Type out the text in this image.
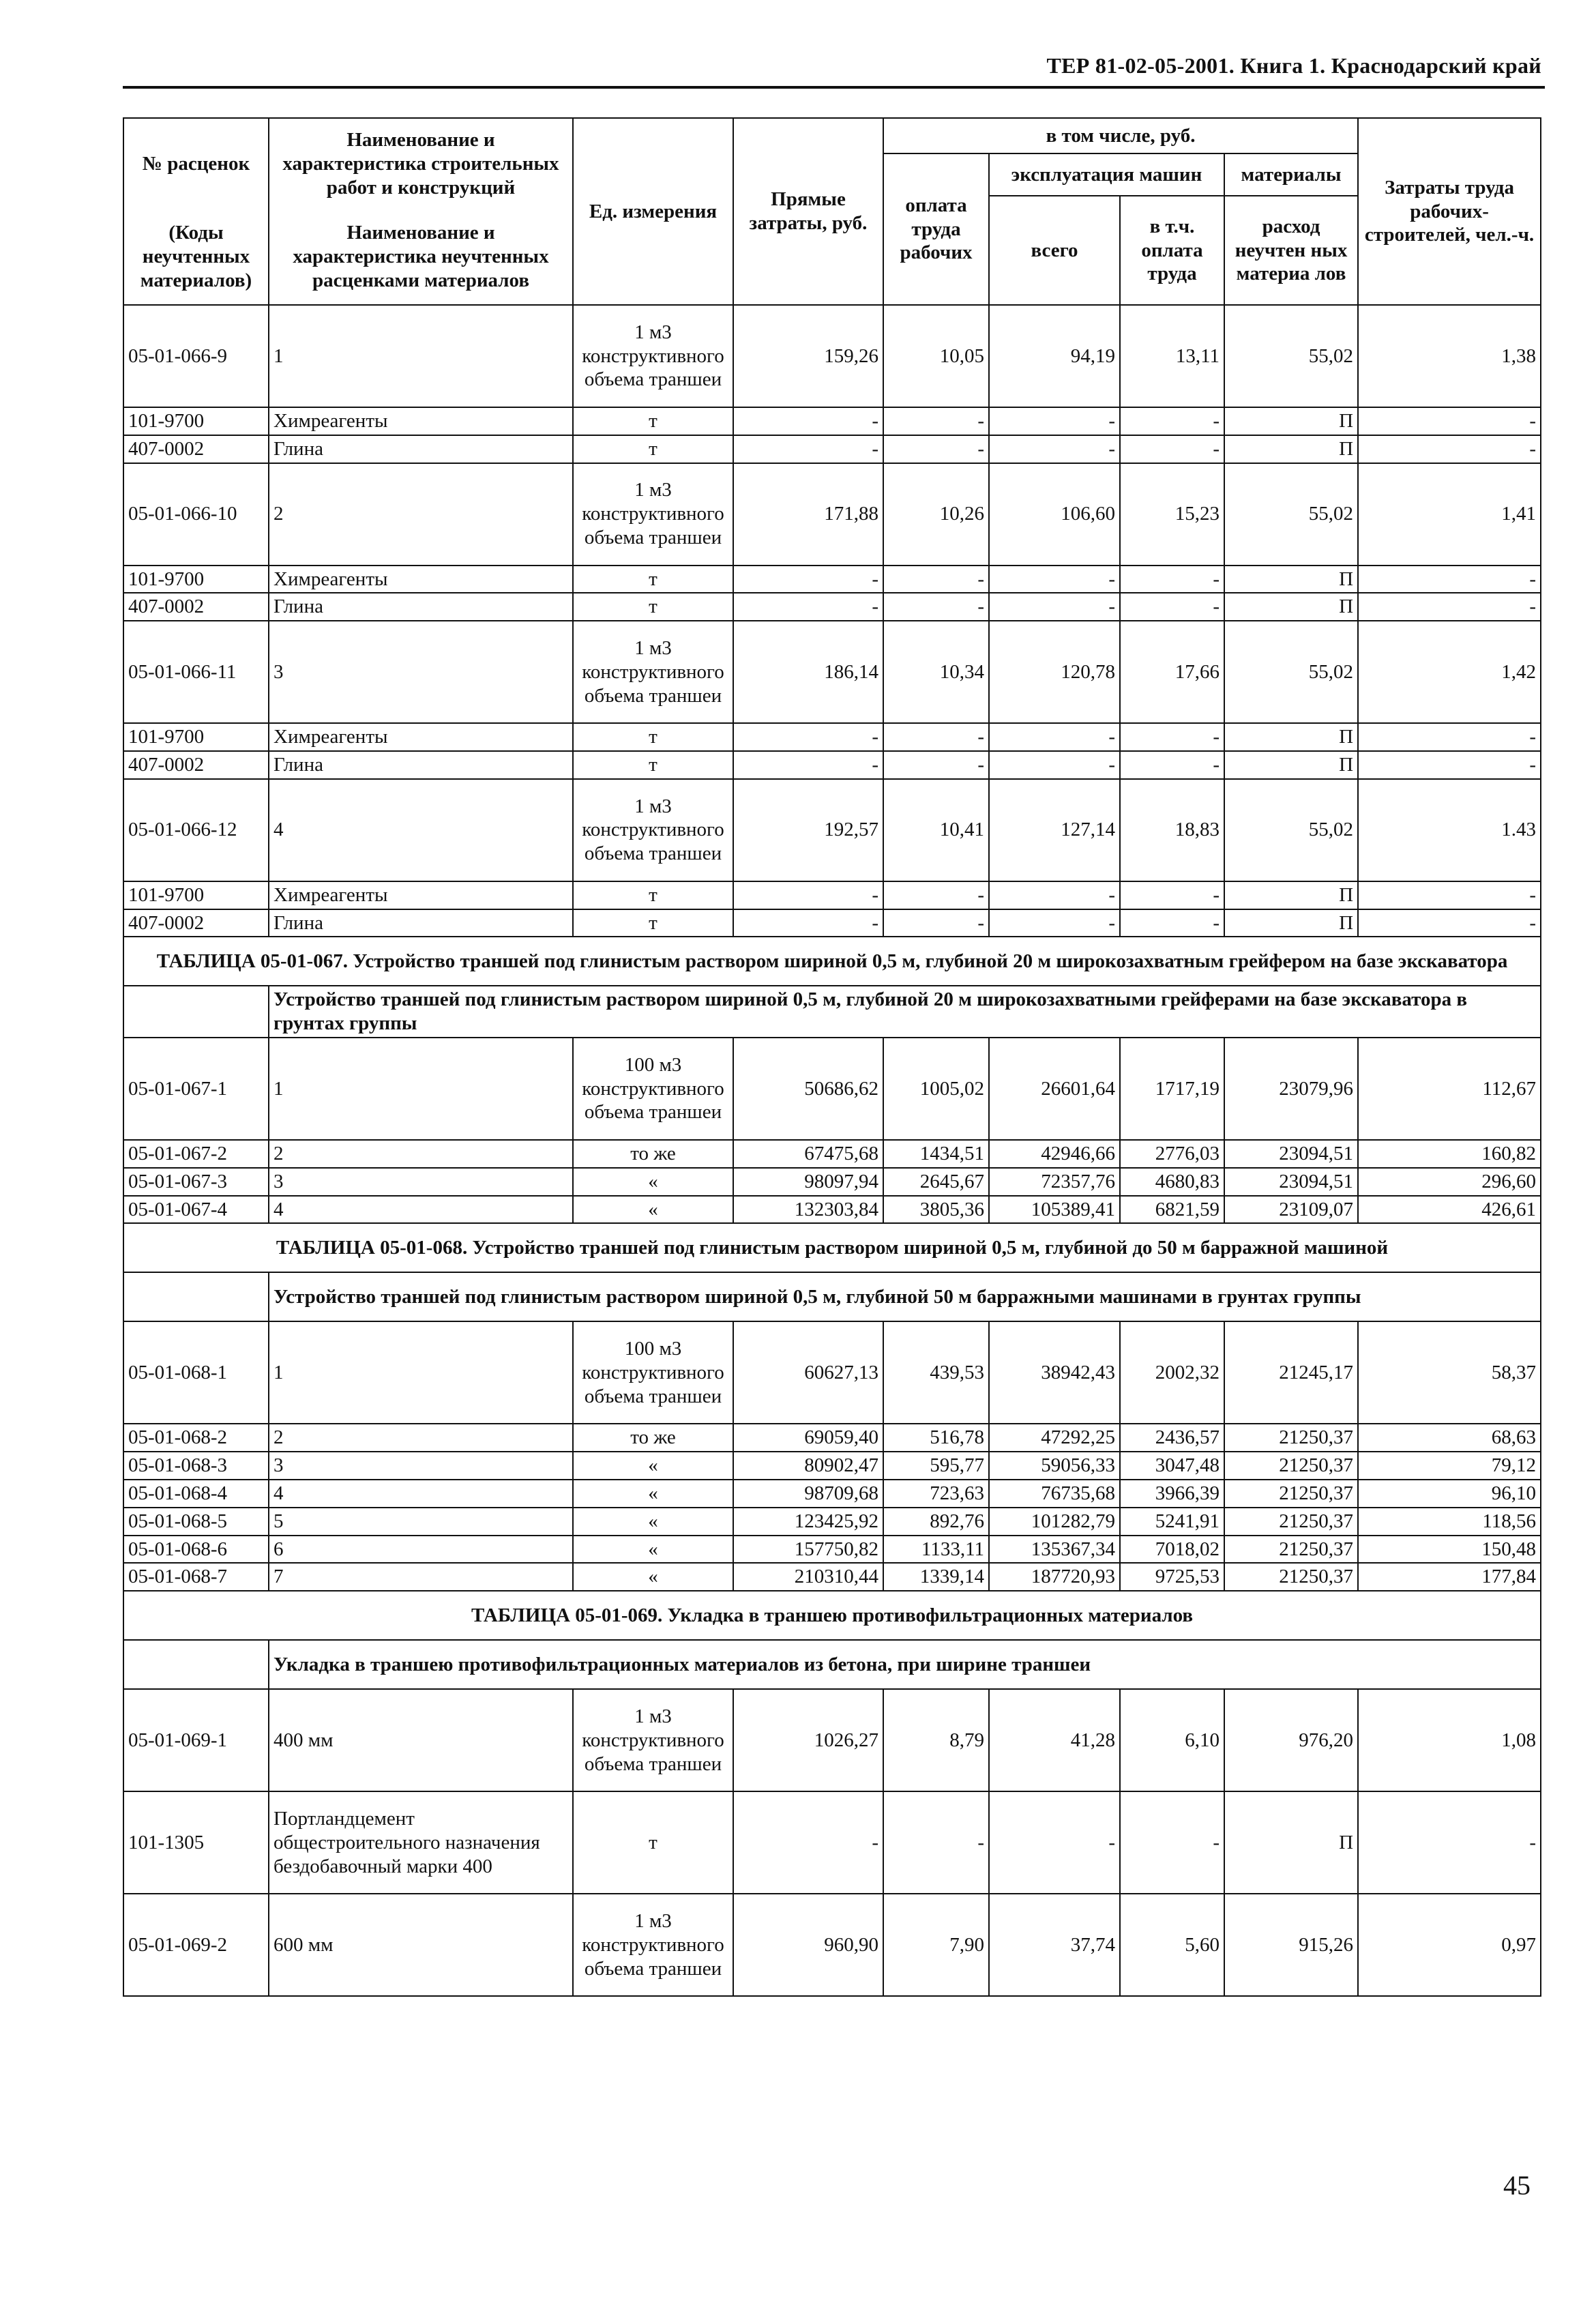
ТЕР 81-02-05-2001. Книга 1. Краснодарский край
№ расценок	Наименование и характеристика строительных работ и конструкций	Ед. измерения	Прямые затраты, руб.	в том числе, руб.				Затраты труда рабочих-строителей, чел.-ч.
				оплата труда рабочих	эксплуатация машин		материалы	
					всего	в т.ч. оплата труда	расход неучтен ных материа лов	
(Коды неучтенных материалов)	Наименование и характеристика неучтенных расценками материалов							

05-01-066-9	1	1 м3 конструктивного объема траншеи	159,26	10,05	94,19	13,11	55,02	1,38
101-9700	Химреагенты	т	-	-	-	-	П	-
407-0002	Глина	т	-	-	-	-	П	-
05-01-066-10	2	1 м3 конструктивного объема траншеи	171,88	10,26	106,60	15,23	55,02	1,41
101-9700	Химреагенты	т	-	-	-	-	П	-
407-0002	Глина	т	-	-	-	-	П	-
05-01-066-11	3	1 м3 конструктивного объема траншеи	186,14	10,34	120,78	17,66	55,02	1,42
101-9700	Химреагенты	т	-	-	-	-	П	-
407-0002	Глина	т	-	-	-	-	П	-
05-01-066-12	4	1 м3 конструктивного объема траншеи	192,57	10,41	127,14	18,83	55,02	1.43
101-9700	Химреагенты	т	-	-	-	-	П	-
407-0002	Глина	т	-	-	-	-	П	-
ТАБЛИЦА 05-01-067. Устройство траншей под глинистым раствором шириной 0,5 м, глубиной 20 м широкозахватным грейфером на базе экскаватора								
	Устройство траншей под глинистым раствором шириной 0,5 м, глубиной 20 м широкозахватными грейферами на базе экскаватора в грунтах группы							
05-01-067-1	1	100 м3 конструктивного объема траншеи	50686,62	1005,02	26601,64	1717,19	23079,96	112,67
05-01-067-2	2	то же	67475,68	1434,51	42946,66	2776,03	23094,51	160,82
05-01-067-3	3	«	98097,94	2645,67	72357,76	4680,83	23094,51	296,60
05-01-067-4	4	«	132303,84	3805,36	105389,41	6821,59	23109,07	426,61
ТАБЛИЦА 05-01-068. Устройство траншей под глинистым раствором шириной 0,5 м, глубиной до 50 м барражной машиной								
	Устройство траншей под глинистым раствором шириной 0,5 м, глубиной 50 м барражными машинами в грунтах группы							
05-01-068-1	1	100 м3 конструктивного объема траншеи	60627,13	439,53	38942,43	2002,32	21245,17	58,37
05-01-068-2	2	то же	69059,40	516,78	47292,25	2436,57	21250,37	68,63
05-01-068-3	3	«	80902,47	595,77	59056,33	3047,48	21250,37	79,12
05-01-068-4	4	«	98709,68	723,63	76735,68	3966,39	21250,37	96,10
05-01-068-5	5	«	123425,92	892,76	101282,79	5241,91	21250,37	118,56
05-01-068-6	6	«	157750,82	1133,11	135367,34	7018,02	21250,37	150,48
05-01-068-7	7	«	210310,44	1339,14	187720,93	9725,53	21250,37	177,84
ТАБЛИЦА 05-01-069. Укладка в траншею противофильтрационных материалов								
	Укладка в траншею противофильтрационных материалов из бетона, при ширине траншеи							
05-01-069-1	400 мм	1 м3 конструктивного объема траншеи	1026,27	8,79	41,28	6,10	976,20	1,08
101-1305	Портландцемент общестроительного назначения бездобавочный марки 400	т	-	-	-	-	П	-
05-01-069-2	600 мм	1 м3 конструктивного объема траншеи	960,90	7,90	37,74	5,60	915,26	0,97
45
